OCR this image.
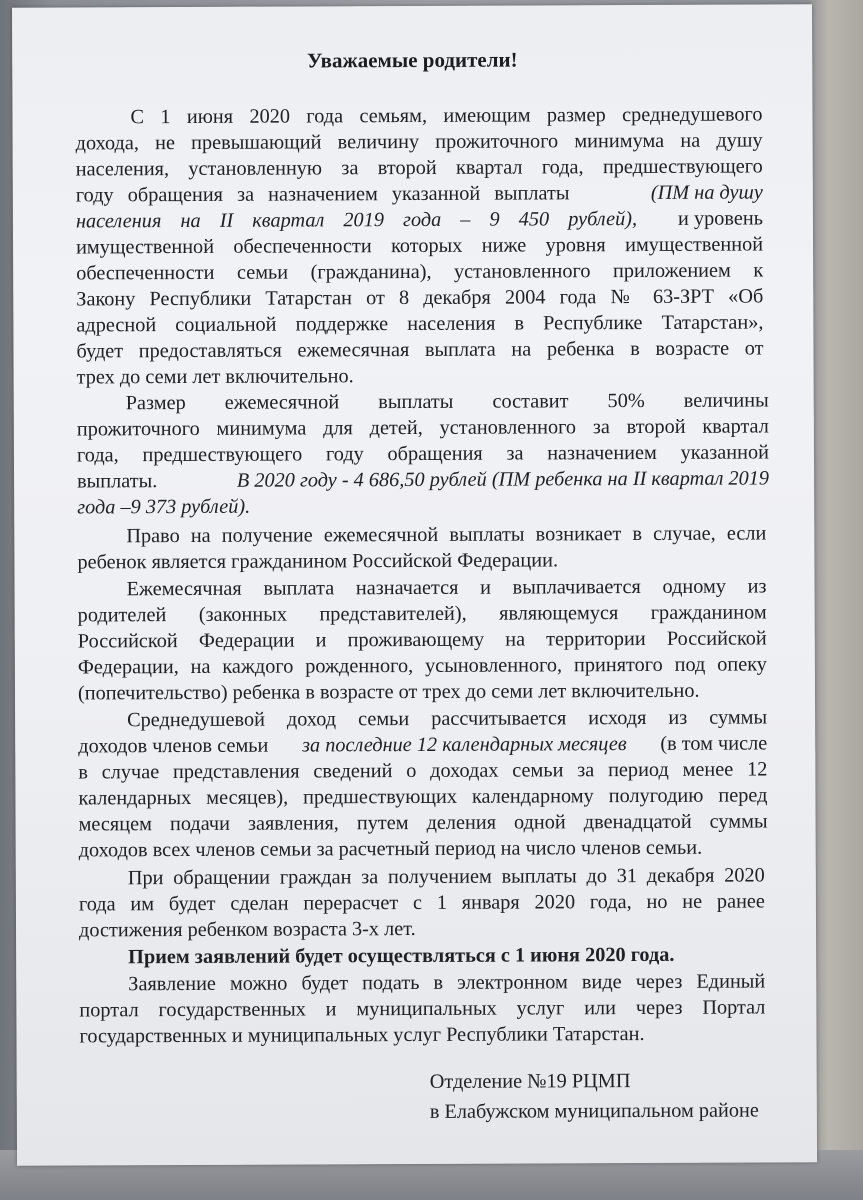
Уважаемые родители!
С 1 июня 2020 года семьям, имеющим размер среднедушевого
дохода, не превышающий величину прожиточного минимума на душу
населения, установленную за второй квартал года, предшествующего
году обращения за назначением указанной выплаты	(ПМ на душу
населения на II квартал 2019 года – 9 450 рублей), и уровень
имущественной обеспеченности которых ниже уровня имущественной
обеспеченности семьи (гражданина), установленного приложением к
Закону Республики Татарстан от 8 декабря 2004 года № 63-ЗРТ «Об
адресной социальной поддержке населения в Республике Татарстан»,
будет предоставляться ежемесячная выплата на ребенка в возрасте от
трех до семи лет включительно.
Размер ежемесячной выплаты составит 50% величины
прожиточного минимума для детей, установленного за второй квартал
года, предшествующего году обращения за назначением указанной
выплаты.	В 2020 году - 4 686,50 рублей (ПМ ребенка на II квартал 2019
года –9 373 рублей).
Право на получение ежемесячной выплаты возникает в случае, если
ребенок является гражданином Российской Федерации.
Ежемесячная выплата назначается и выплачивается одному из
родителей (законных представителей), являющемуся гражданином
Российской Федерации и проживающему на территории Российской
Федерации, на каждого рожденного, усыновленного, принятого под опеку
(попечительство) ребенка в возрасте от трех до семи лет включительно.
Среднедушевой доход семьи рассчитывается исходя из суммы
доходов членов семьи за последние 12 календарных месяцев (в том числе
в случае представления сведений о доходах семьи за период менее 12
календарных месяцев), предшествующих календарному полугодию перед
месяцем подачи заявления, путем деления одной двенадцатой суммы
доходов всех членов семьи за расчетный период на число членов семьи.
При обращении граждан за получением выплаты до 31 декабря 2020
года им будет сделан перерасчет с 1 января 2020 года, но не ранее
достижения ребенком возраста 3-х лет.
Прием заявлений будет осуществляться с 1 июня 2020 года.
Заявление можно будет подать в электронном виде через Единый
портал государственных и муниципальных услуг или через Портал
государственных и муниципальных услуг Республики Татарстан.
Отделение №19 РЦМП
в Елабужском муниципальном районе
